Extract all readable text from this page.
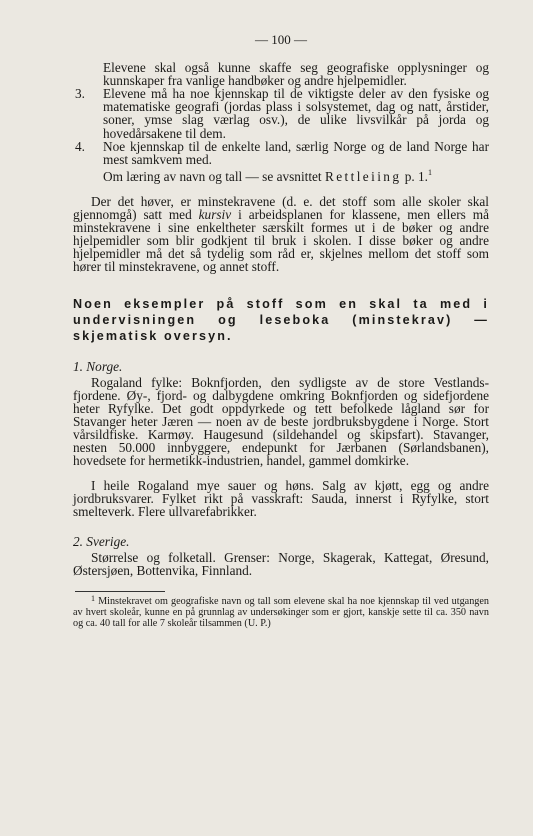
— 100 —

Elevene skal også kunne skaffe seg geografiske opplysninger og kunnskaper fra vanlige handbøker og andre hjelpemidler.

3.	Elevene må ha noe kjennskap til de viktigste deler av den fysiske og matematiske geografi (jordas plass i solsystemet, dag og natt, årstider, soner, ymse slag værlag osv.), de ulike livsvilkår på jorda og hovedårsakene til dem.
4.	Noe kjennskap til de enkelte land, særlig Norge og de land Norge har mest samkvem med.

Om læring av navn og tall — se avsnittet Rettleiing p. 1.$^1$

Der det høver, er minstekravene (d. e. det stoff som alle skoler skal gjennomgå) satt med kursiv i arbeidsplanen for klassene, men ellers må minstekravene i sine enkeltheter særskilt formes ut i de bøker og andre hjelpemidler som blir godkjent til bruk i skolen. I disse bøker og andre hjelpemidler må det så tydelig som råd er, skjelnes mellom det stoff som hører til minstekravene, og annet stoff.

Noen eksempler på stoff som en skal ta med i undervisningen og leseboka (minstekrav) — skjematisk oversyn.

1. Norge.

Rogaland fylke: Boknfjorden, den sydligste av de store Vestlands-fjordene. Øy-, fjord- og dalbygdene omkring Boknfjorden og sidefjordene heter Ryfylke. Det godt oppdyrkede og tett befolkede lågland sør for Stavanger heter Jæren — noen av de beste jordbruksbygdene i Norge. Stort vårsildfiske. Karmøy. Haugesund (sildehandel og skipsfart). Stavanger, nesten 50.000 innbyggere, endepunkt for Jærbanen (Sørlandsbanen), hovedsete for hermetikk-industrien, handel, gammel domkirke.

I heile Rogaland mye sauer og høns. Salg av kjøtt, egg og andre jordbruksvarer. Fylket rikt på vasskraft: Sauda, innerst i Ryfylke, stort smelteverk. Flere ullvarefabrikker.

2. Sverige.

Størrelse og folketall. Grenser: Norge, Skagerak, Kattegat, Øresund, Østersjøen, Bottenvika, Finnland.

$^1$ Minstekravet om geografiske navn og tall som elevene skal ha noe kjennskap til ved utgangen av hvert skoleår, kunne en på grunnlag av undersøkinger som er gjort, kanskje sette til ca. 350 navn og ca. 40 tall for alle 7 skoleår tilsammen (U. P.)
